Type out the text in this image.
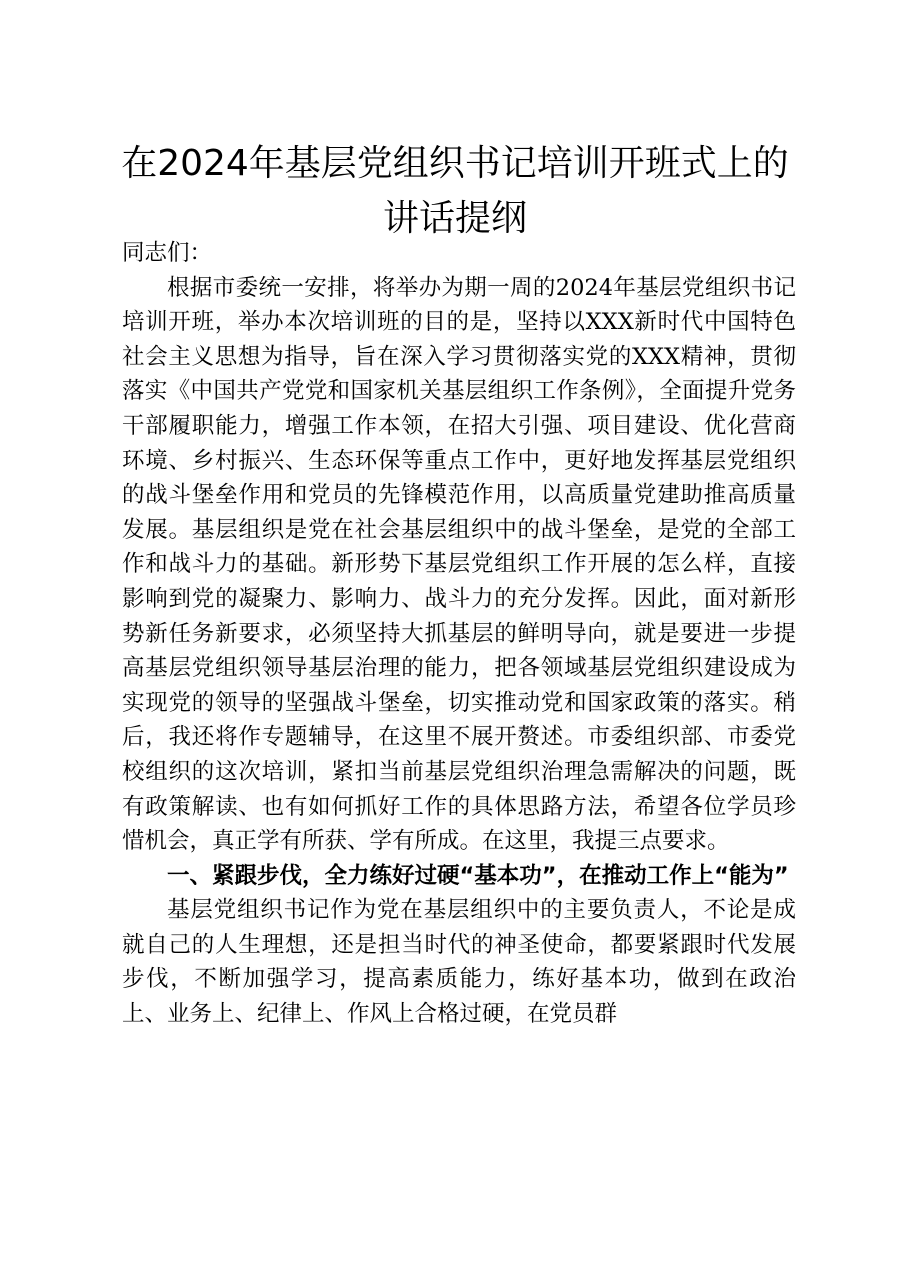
在2024年基层党组织书记培训开班式上的讲话提纲

同志们：

根据市委统一安排，将举办为期一周的2024年基层党组织书记培训开班，举办本次培训班的目的是，坚持以XXX新时代中国特色社会主义思想为指导，旨在深入学习贯彻落实党的XXX精神，贯彻落实《中国共产党党和国家机关基层组织工作条例》，全面提升党务干部履职能力，增强工作本领，在招大引强、项目建设、优化营商环境、乡村振兴、生态环保等重点工作中，更好地发挥基层党组织的战斗堡垒作用和党员的先锋模范作用，以高质量党建助推高质量发展。基层组织是党在社会基层组织中的战斗堡垒，是党的全部工作和战斗力的基础。新形势下基层党组织工作开展的怎么样，直接影响到党的凝聚力、影响力、战斗力的充分发挥。因此，面对新形势新任务新要求，必须坚持大抓基层的鲜明导向，就是要进一步提高基层党组织领导基层治理的能力，把各领域基层党组织建设成为实现党的领导的坚强战斗堡垒，切实推动党和国家政策的落实。稍后，我还将作专题辅导，在这里不展开赘述。市委组织部、市委党校组织的这次培训，紧扣当前基层党组织治理急需解决的问题，既有政策解读、也有如何抓好工作的具体思路方法，希望各位学员珍惜机会，真正学有所获、学有所成。在这里，我提三点要求。

一、紧跟步伐，全力练好过硬“基本功”，在推动工作上“能为”

基层党组织书记作为党在基层组织中的主要负责人，不论是成就自己的人生理想，还是担当时代的神圣使命，都要紧跟时代发展步伐，不断加强学习，提高素质能力，练好基本功，做到在政治上、业务上、纪律上、作风上合格过硬，在党员群
